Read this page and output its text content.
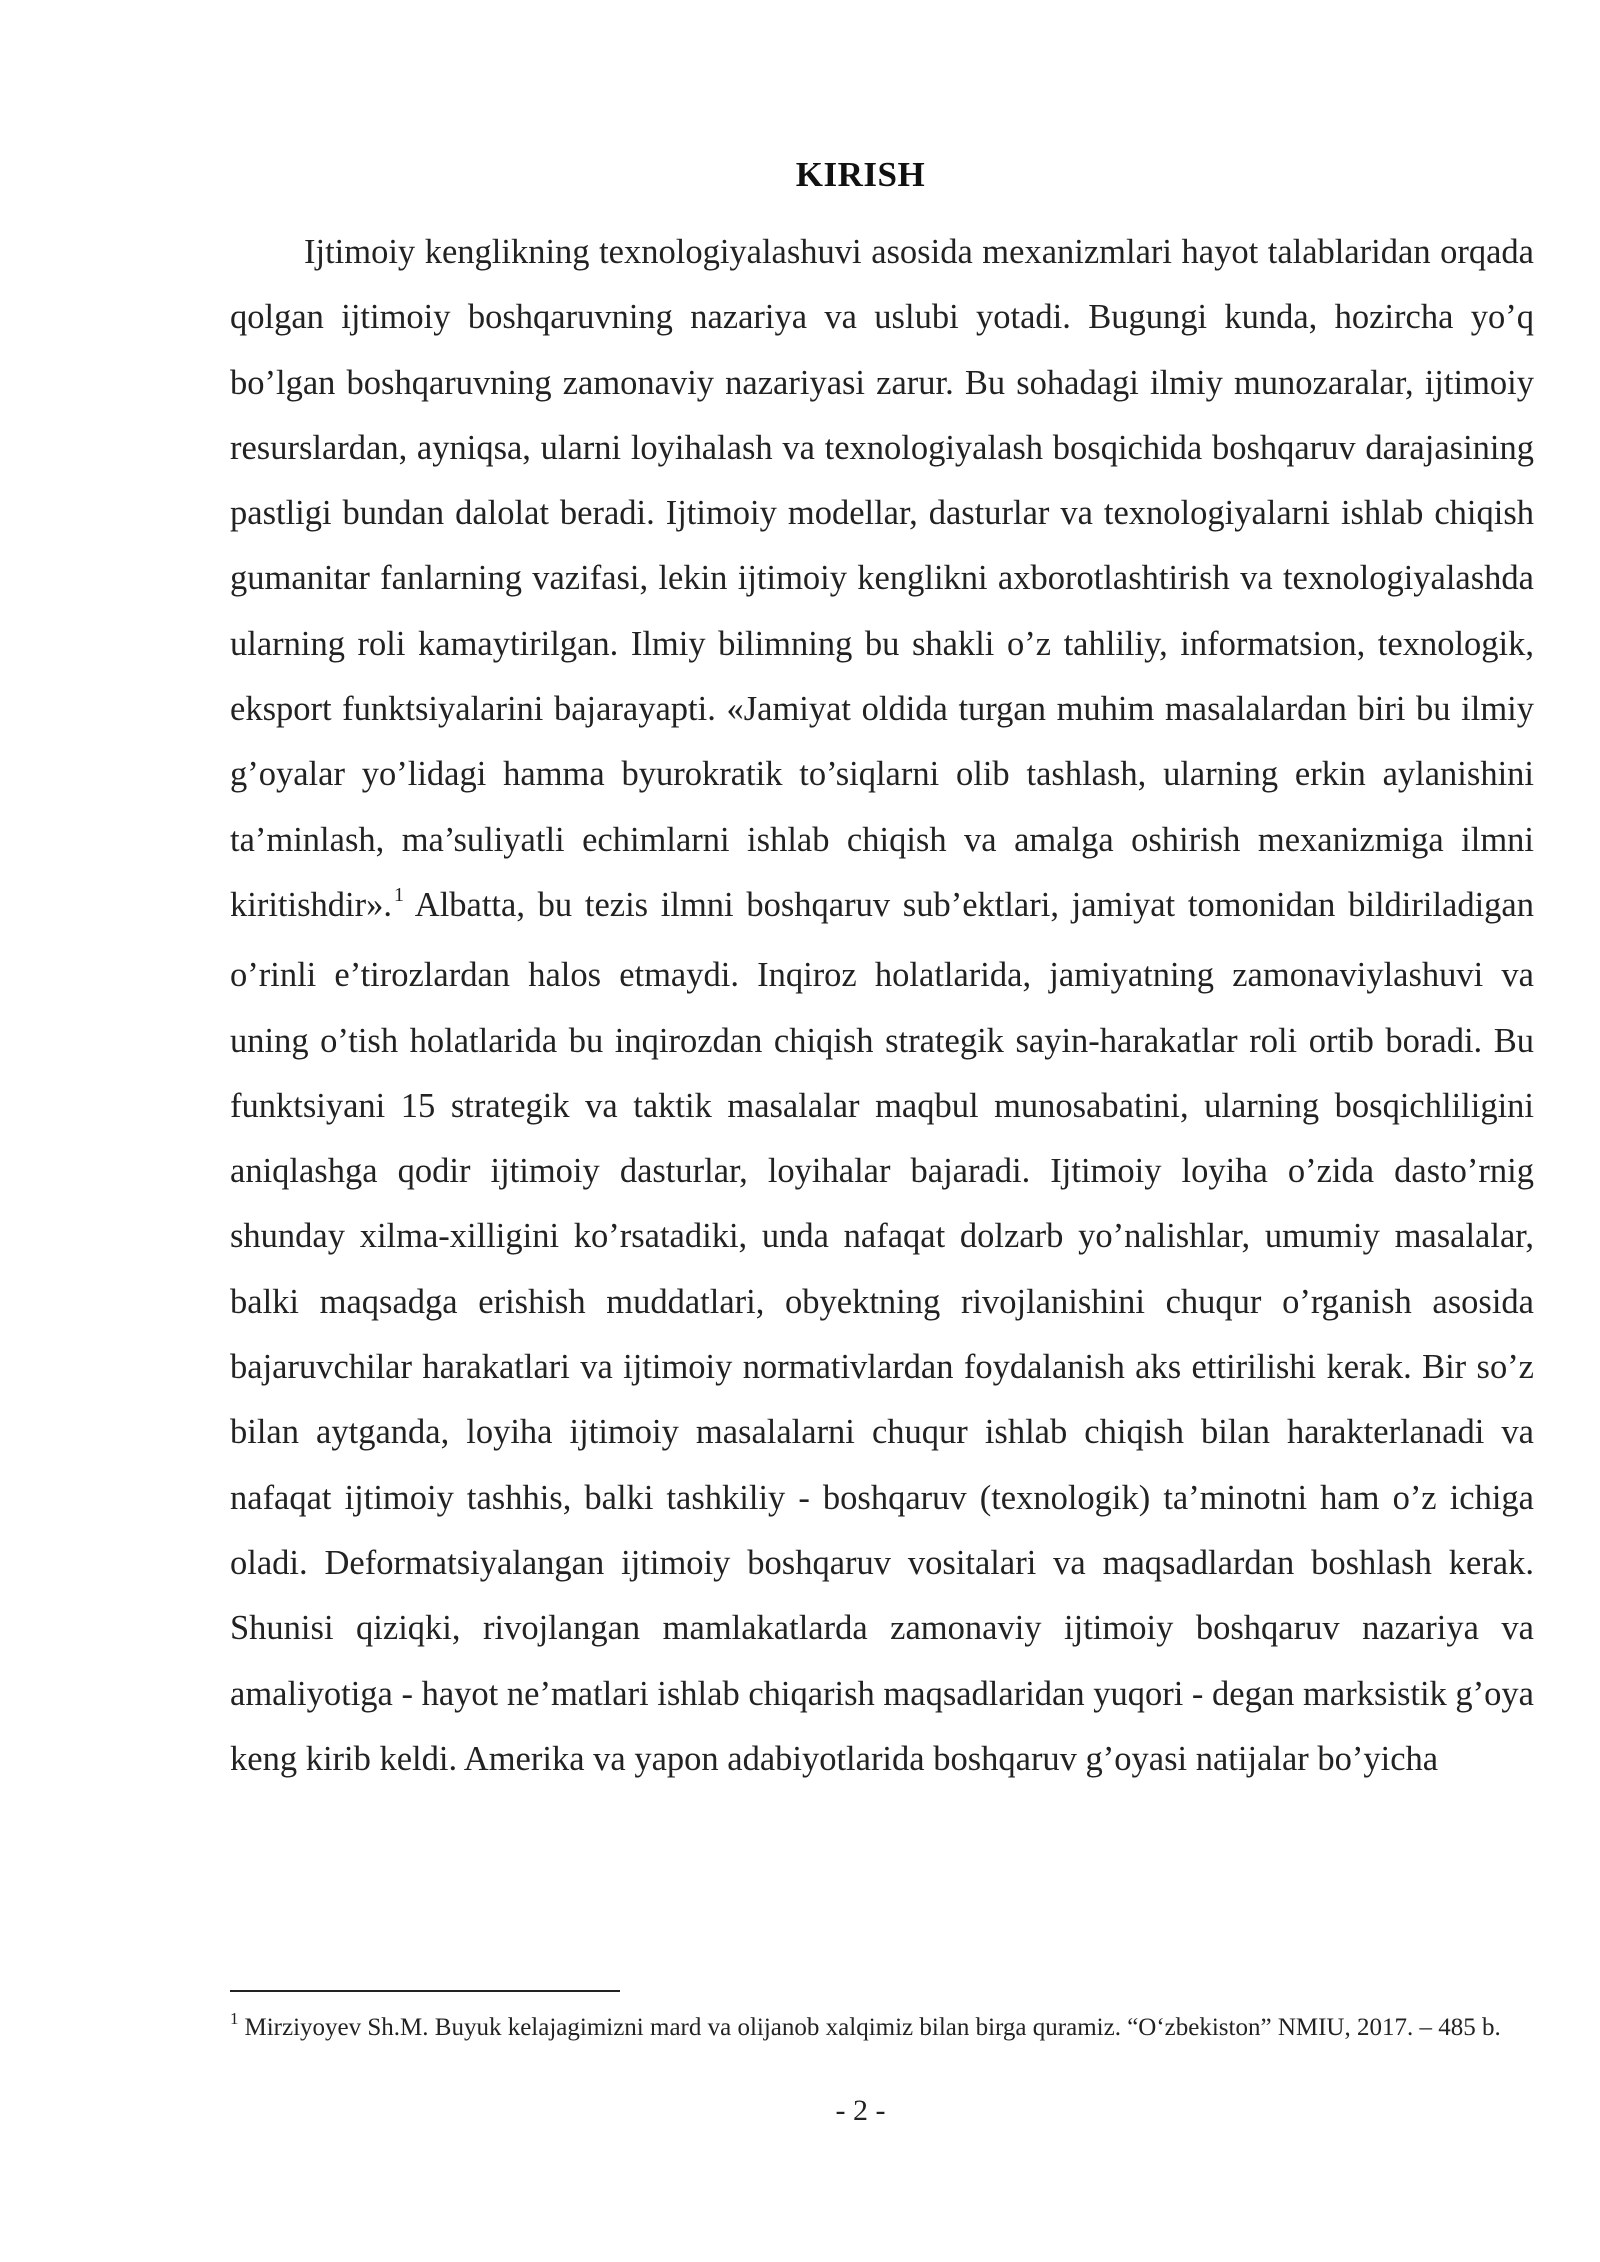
KIRISH

Ijtimoiy kenglikning texnologiyalashuvi asosida mexanizmlari hayot talablaridan orqada qolgan ijtimoiy boshqaruvning nazariya va uslubi yotadi. Bugungi kunda, hozircha yo’q bo’lgan boshqaruvning zamonaviy nazariyasi zarur. Bu sohadagi ilmiy munozaralar, ijtimoiy resurslardan, ayniqsa, ularni loyihalash va texnologiyalash bosqichida boshqaruv darajasining pastligi bundan dalolat beradi. Ijtimoiy modellar, dasturlar va texnologiyalarni ishlab chiqish gumanitar fanlarning vazifasi, lekin ijtimoiy kenglikni axborotlashtirish va texnologiyalashda ularning roli kamaytirilgan. Ilmiy bilimning bu shakli o’z tahliliy, informatsion, texnologik, eksport funktsiyalarini bajarayapti. «Jamiyat oldida turgan muhim masalalardan biri bu ilmiy g’oyalar yo’lidagi hamma byurokratik to’siqlarni olib tashlash, ularning erkin aylanishini ta’minlash, ma’suliyatli echimlarni ishlab chiqish va amalga oshirish mexanizmiga ilmni kiritishdir». $^1$ Albatta, bu tezis ilmni boshqaruv sub’ektlari, jamiyat tomonidan bildiriladigan o’rinli e’tirozlardan halos etmaydi. Inqiroz holatlarida, jamiyatning zamonaviylashuvi va uning o’tish holatlarida bu inqirozdan chiqish strategik sayin-harakatlar roli ortib boradi. Bu funktsiyani 15 strategik va taktik masalalar maqbul munosabatini, ularning bosqichliligini aniqlashga qodir ijtimoiy dasturlar, loyihalar bajaradi. Ijtimoiy loyiha o’zida dasto’rnig shunday xilma-xilligini ko’rsatadiki, unda nafaqat dolzarb yo’nalishlar, umumiy masalalar, balki maqsadga erishish muddatlari, obyektning rivojlanishini chuqur o’rganish asosida bajaruvchilar harakatlari va ijtimoiy normativlardan foydalanish aks ettirilishi kerak. Bir so’z bilan aytganda, loyiha ijtimoiy masalalarni chuqur ishlab chiqish bilan harakterlanadi va nafaqat ijtimoiy tashhis, balki tashkiliy - boshqaruv (texnologik) ta’minotni ham o’z ichiga oladi. Deformatsiyalangan ijtimoiy boshqaruv vositalari va maqsadlardan boshlash kerak. Shunisi qiziqki, rivojlangan mamlakatlarda zamonaviy ijtimoiy boshqaruv nazariya va amaliyotiga - hayot ne’matlari ishlab chiqarish maqsadlaridan yuqori - degan marksistik g’oya keng kirib keldi. Amerika va yapon adabiyotlarida boshqaruv g’oyasi natijalar bo’yicha

$^1$ Mirziyoyev Sh.M. Buyuk kelajagimizni mard va olijanob xalqimiz bilan birga quramiz. “O‘zbekiston” NMIU, 2017. – 485 b.

- 2 -
